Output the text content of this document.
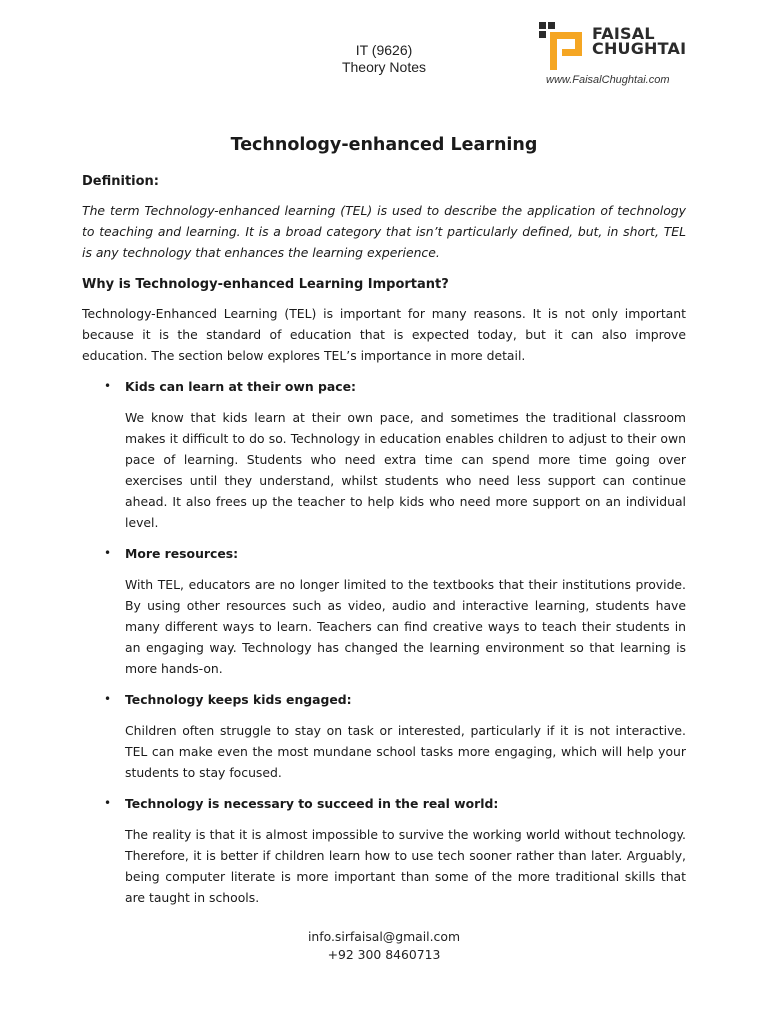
IT (9626)
Theory Notes
FAISAL
CHUGHTAI
www.FaisalChughtai.com
Technology-enhanced Learning
Definition:

The term Technology-enhanced learning (TEL) is used to describe the application of technology to teaching and learning. It is a broad category that isn’t particularly defined, but, in short, TEL is any technology that enhances the learning experience.

Why is Technology-enhanced Learning Important?

Technology-Enhanced Learning (TEL) is important for many reasons. It is not only important because it is the standard of education that is expected today, but it can also improve education. The section below explores TEL’s importance in more detail.

• Kids can learn at their own pace:

We know that kids learn at their own pace, and sometimes the traditional classroom makes it difficult to do so. Technology in education enables children to adjust to their own pace of learning. Students who need extra time can spend more time going over exercises until they understand, whilst students who need less support can continue ahead. It also frees up the teacher to help kids who need more support on an individual level.

• More resources:

With TEL, educators are no longer limited to the textbooks that their institutions provide. By using other resources such as video, audio and interactive learning, students have many different ways to learn. Teachers can find creative ways to teach their students in an engaging way. Technology has changed the learning environment so that learning is more hands-on.

• Technology keeps kids engaged:

Children often struggle to stay on task or interested, particularly if it is not interactive. TEL can make even the most mundane school tasks more engaging, which will help your students to stay focused.

• Technology is necessary to succeed in the real world:

The reality is that it is almost impossible to survive the working world without technology. Therefore, it is better if children learn how to use tech sooner rather than later. Arguably, being computer literate is more important than some of the more traditional skills that are taught in schools.

info.sirfaisal@gmail.com
+92 300 8460713
